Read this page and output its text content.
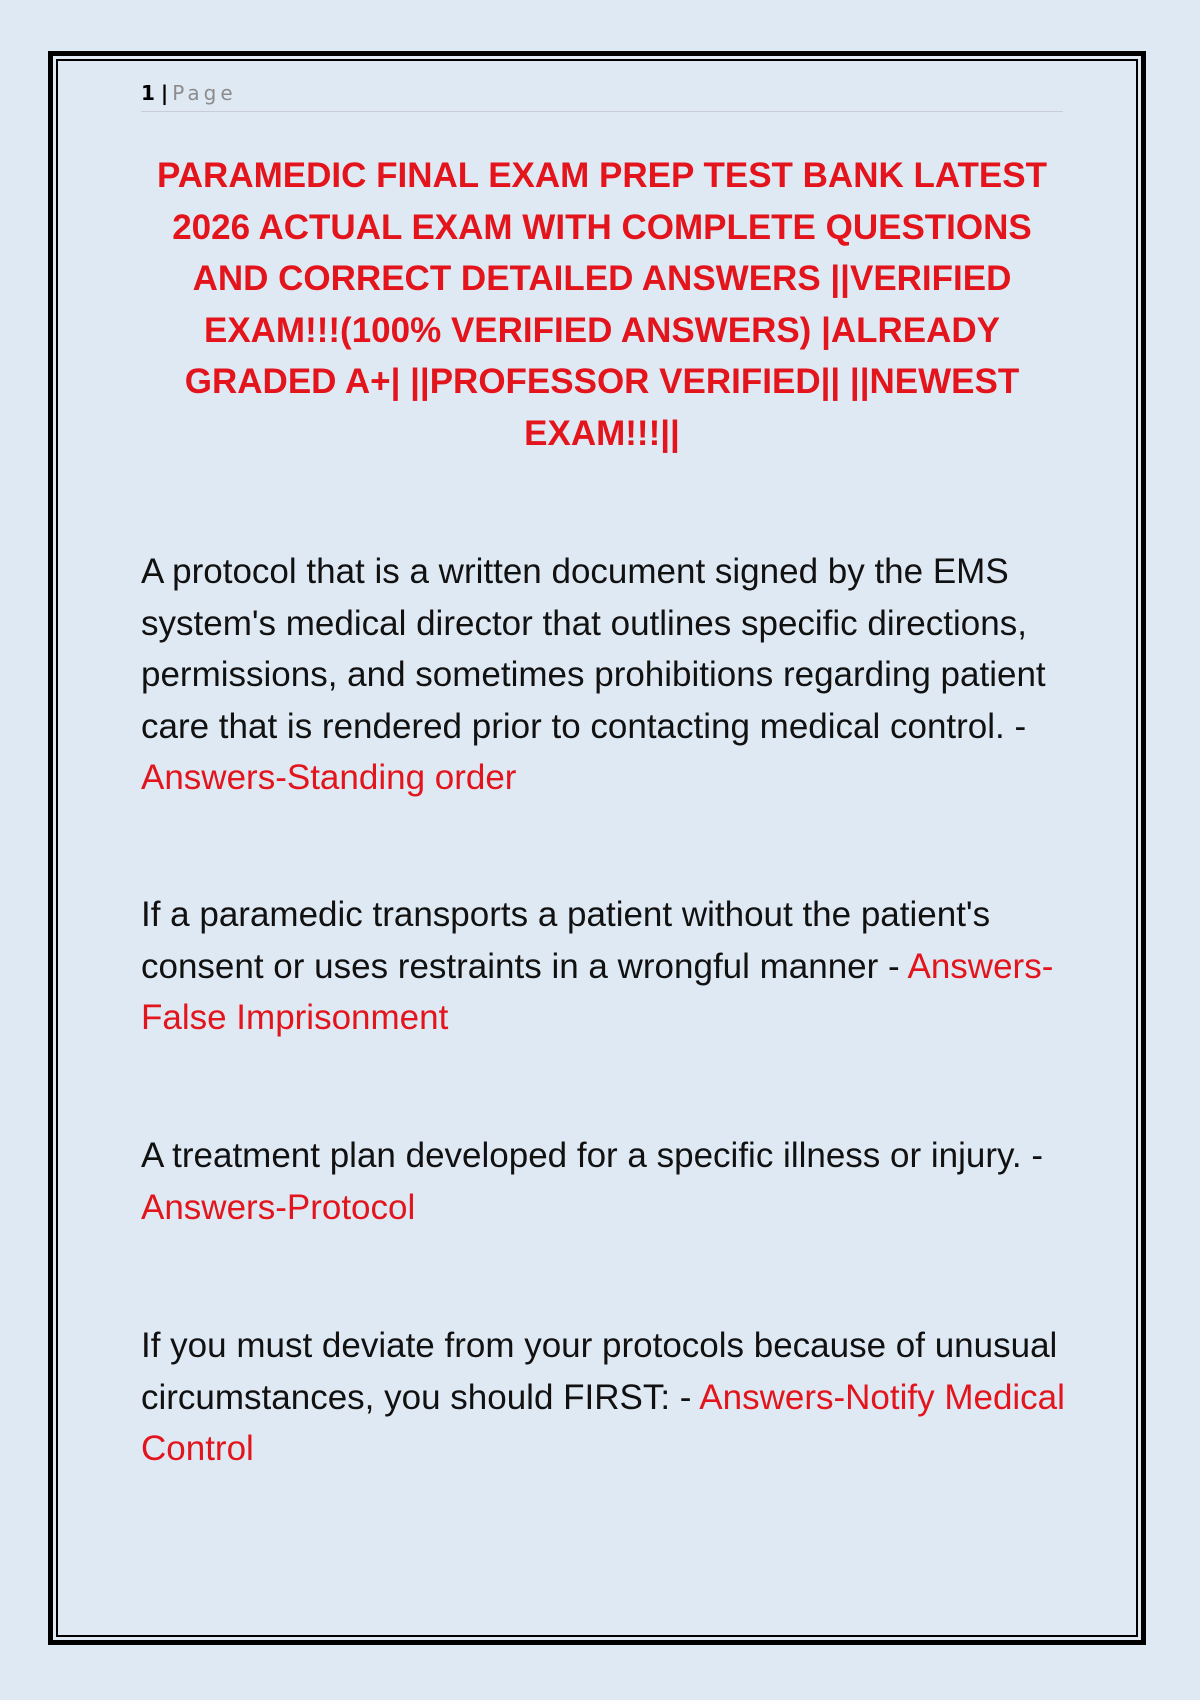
1 | Page
PARAMEDIC FINAL EXAM PREP TEST BANK LATEST 2026 ACTUAL EXAM WITH COMPLETE QUESTIONS AND CORRECT DETAILED ANSWERS ||VERIFIED EXAM!!!(100% VERIFIED ANSWERS) |ALREADY GRADED A+| ||PROFESSOR VERIFIED|| ||NEWEST EXAM!!!||

A protocol that is a written document signed by the EMS system's medical director that outlines specific directions, permissions, and sometimes prohibitions regarding patient care that is rendered prior to contacting medical control. - Answers-Standing order

If a paramedic transports a patient without the patient's consent or uses restraints in a wrongful manner - Answers-False Imprisonment

A treatment plan developed for a specific illness or injury. - Answers-Protocol

If you must deviate from your protocols because of unusual circumstances, you should FIRST: - Answers-Notify Medical Control
